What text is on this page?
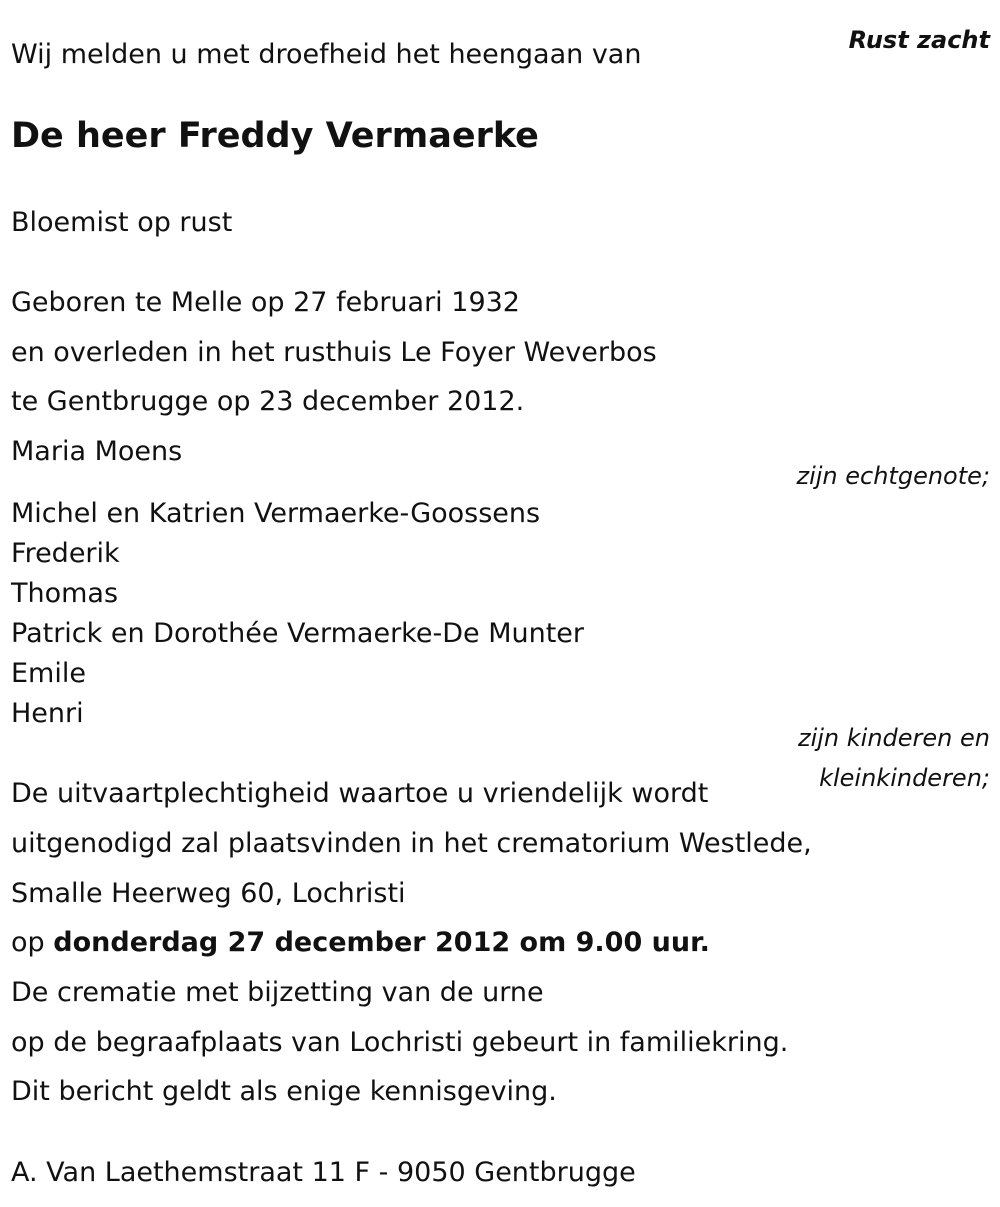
Rust zacht
Wij melden u met droefheid het heengaan van
De heer Freddy Vermaerke
Bloemist op rust
Geboren te Melle op 27 februari 1932
en overleden in het rusthuis Le Foyer Weverbos
te Gentbrugge op 23 december 2012.
Maria Moens
zijn echtgenote;
Michel en Katrien Vermaerke-Goossens
Frederik
Thomas
Patrick en Dorothée Vermaerke-De Munter
Emile
Henri
zijn kinderen en
kleinkinderen;
De uitvaartplechtigheid waartoe u vriendelijk wordt
uitgenodigd zal plaatsvinden in het crematorium Westlede,
Smalle Heerweg 60, Lochristi
op donderdag 27 december 2012 om 9.00 uur.
De crematie met bijzetting van de urne
op de begraafplaats van Lochristi gebeurt in familiekring.
Dit bericht geldt als enige kennisgeving.
A. Van Laethemstraat 11 F - 9050 Gentbrugge
